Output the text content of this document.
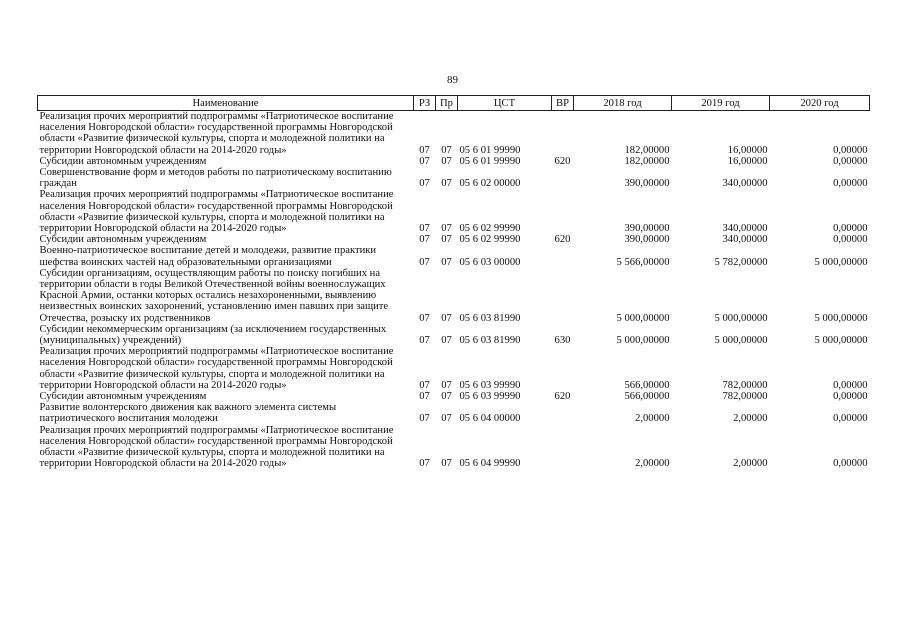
89
Наименование	РЗ	Пр	ЦСТ	ВР	2018 год	2019 год	2020 год
Реализация прочих мероприятий подпрограммы «Патриотическое воспитание населения Новгородской области» государственной программы Новгородской области «Развитие физической культуры, спорта и молодежной политики на территории Новгородской области на 2014-2020 годы»	07	07	05 6 01 99990		182,00000	16,00000	0,00000
Субсидии автономным учреждениям	07	07	05 6 01 99990	620	182,00000	16,00000	0,00000
Совершенствование форм и методов работы по патриотическому воспитанию граждан	07	07	05 6 02 00000		390,00000	340,00000	0,00000
Реализация прочих мероприятий подпрограммы «Патриотическое воспитание населения Новгородской области» государственной программы Новгородской области «Развитие физической культуры, спорта и молодежной политики на территории Новгородской области на 2014-2020 годы»	07	07	05 6 02 99990		390,00000	340,00000	0,00000
Субсидии автономным учреждениям	07	07	05 6 02 99990	620	390,00000	340,00000	0,00000
Военно-патриотическое воспитание детей и молодежи, развитие практики шефства воинских частей над образовательными организациями	07	07	05 6 03 00000		5 566,00000	5 782,00000	5 000,00000
Субсидии организациям, осуществляющим работы по поиску погибших на территории области в годы Великой Отечественной войны военнослужащих Красной Армии, останки которых остались незахороненными, выявлению неизвестных воинских захоронений, установлению имен павших при защите Отечества, розыску их родственников	07	07	05 6 03 81990		5 000,00000	5 000,00000	5 000,00000
Субсидии некоммерческим организациям (за исключением государственных (муниципальных) учреждений)	07	07	05 6 03 81990	630	5 000,00000	5 000,00000	5 000,00000
Реализация прочих мероприятий подпрограммы «Патриотическое воспитание населения Новгородской области» государственной программы Новгородской области «Развитие физической культуры, спорта и молодежной политики на территории Новгородской области на 2014-2020 годы»	07	07	05 6 03 99990		566,00000	782,00000	0,00000
Субсидии автономным учреждениям	07	07	05 6 03 99990	620	566,00000	782,00000	0,00000
Развитие волонтерского движения как важного элемента системы патриотического воспитания молодежи	07	07	05 6 04 00000		2,00000	2,00000	0,00000
Реализация прочих мероприятий подпрограммы «Патриотическое воспитание населения Новгородской области» государственной программы Новгородской области «Развитие физической культуры, спорта и молодежной политики на территории Новгородской области на 2014-2020 годы»	07	07	05 6 04 99990		2,00000	2,00000	0,00000
